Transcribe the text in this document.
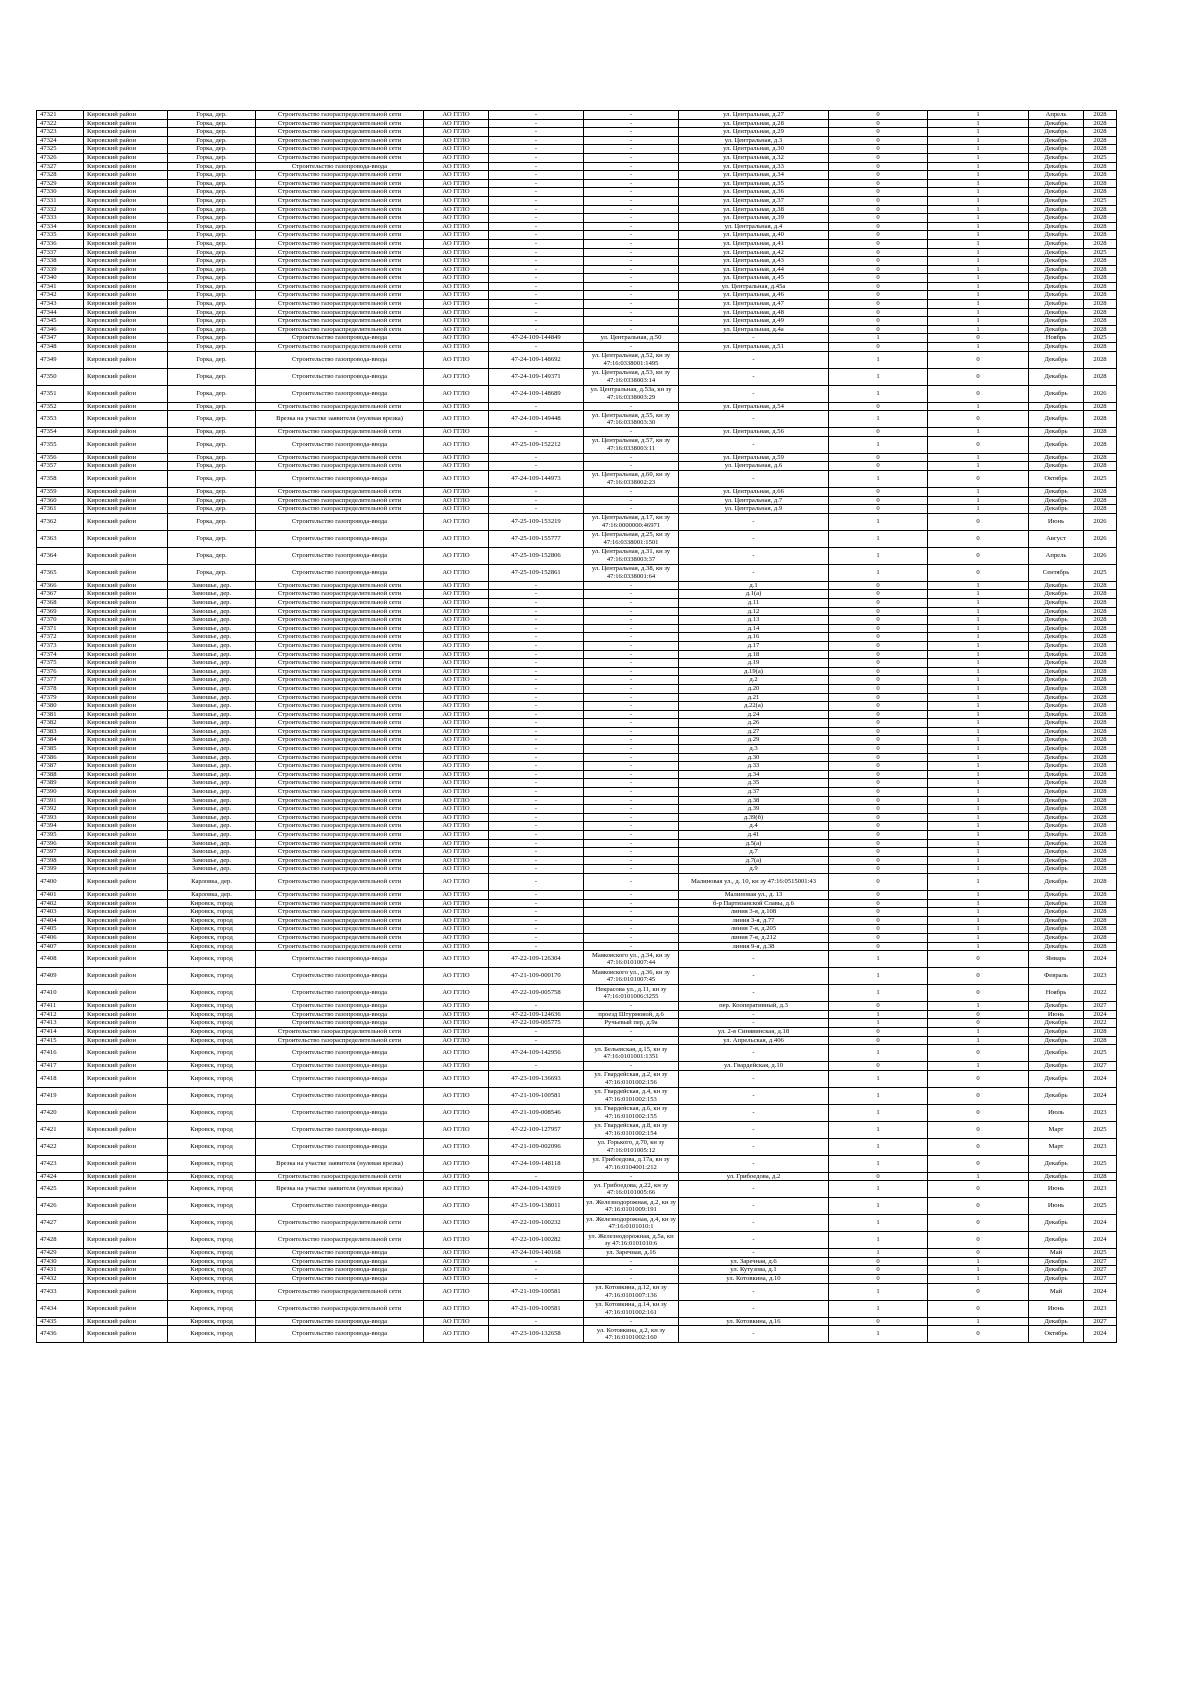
47321	Кировский район	Горка, дер.	Строительство газораспределительной сети	АО ГГЛО	-	-	ул. Центральная, д.27	0	1	Апрель	2028
47322	Кировский район	Горка, дер.	Строительство газораспределительной сети	АО ГГЛО	-	-	ул. Центральная, д.28	0	1	Декабрь	2028
47323	Кировский район	Горка, дер.	Строительство газораспределительной сети	АО ГГЛО	-	-	ул. Центральная, д.29	0	1	Декабрь	2028
47324	Кировский район	Горка, дер.	Строительство газораспределительной сети	АО ГГЛО	-	-	ул. Центральная, д.3	0	1	Декабрь	2028
47325	Кировский район	Горка, дер.	Строительство газораспределительной сети	АО ГГЛО	-	-	ул. Центральная, д.30	0	1	Декабрь	2028
47326	Кировский район	Горка, дер.	Строительство газораспределительной сети	АО ГГЛО	-	-	ул. Центральная, д.32	0	1	Декабрь	2025
47327	Кировский район	Горка, дер.	Строительство газопровода-ввода	АО ГГЛО	-	-	ул. Центральная, д.33	0	1	Декабрь	2028
47328	Кировский район	Горка, дер.	Строительство газораспределительной сети	АО ГГЛО	-	-	ул. Центральная, д.34	0	1	Декабрь	2028
47329	Кировский район	Горка, дер.	Строительство газораспределительной сети	АО ГГЛО	-	-	ул. Центральная, д.35	0	1	Декабрь	2028
47330	Кировский район	Горка, дер.	Строительство газораспределительной сети	АО ГГЛО	-	-	ул. Центральная, д.36	0	1	Декабрь	2028
47331	Кировский район	Горка, дер.	Строительство газораспределительной сети	АО ГГЛО	-	-	ул. Центральная, д.37	0	1	Декабрь	2025
47332	Кировский район	Горка, дер.	Строительство газораспределительной сети	АО ГГЛО	-	-	ул. Центральная, д.38	0	1	Декабрь	2028
47333	Кировский район	Горка, дер.	Строительство газораспределительной сети	АО ГГЛО	-	-	ул. Центральная, д.39	0	1	Декабрь	2028
47334	Кировский район	Горка, дер.	Строительство газораспределительной сети	АО ГГЛО	-	-	ул. Центральная, д.4	0	1	Декабрь	2028
47335	Кировский район	Горка, дер.	Строительство газораспределительной сети	АО ГГЛО	-	-	ул. Центральная, д.40	0	1	Декабрь	2028
47336	Кировский район	Горка, дер.	Строительство газораспределительной сети	АО ГГЛО	-	-	ул. Центральная, д.41	0	1	Декабрь	2028
47337	Кировский район	Горка, дер.	Строительство газораспределительной сети	АО ГГЛО	-	-	ул. Центральная, д.42	0	1	Декабрь	2025
47338	Кировский район	Горка, дер.	Строительство газораспределительной сети	АО ГГЛО	-	-	ул. Центральная, д.43	0	1	Декабрь	2028
47339	Кировский район	Горка, дер.	Строительство газораспределительной сети	АО ГГЛО	-	-	ул. Центральная, д.44	0	1	Декабрь	2028
47340	Кировский район	Горка, дер.	Строительство газораспределительной сети	АО ГГЛО	-	-	ул. Центральная, д.45	0	1	Декабрь	2028
47341	Кировский район	Горка, дер.	Строительство газораспределительной сети	АО ГГЛО	-	-	ул. Центральная, д.45а	0	1	Декабрь	2028
47342	Кировский район	Горка, дер.	Строительство газораспределительной сети	АО ГГЛО	-	-	ул. Центральная, д.46	0	1	Декабрь	2028
47343	Кировский район	Горка, дер.	Строительство газораспределительной сети	АО ГГЛО	-	-	ул. Центральная, д.47	0	1	Декабрь	2028
47344	Кировский район	Горка, дер.	Строительство газораспределительной сети	АО ГГЛО	-	-	ул. Центральная, д.48	0	1	Декабрь	2028
47345	Кировский район	Горка, дер.	Строительство газораспределительной сети	АО ГГЛО	-	-	ул. Центральная, д.49	0	1	Декабрь	2028
47346	Кировский район	Горка, дер.	Строительство газораспределительной сети	АО ГГЛО	-	-	ул. Центральная, д.4а	0	1	Декабрь	2028
47347	Кировский район	Горка, дер.	Строительство газопровода-ввода	АО ГГЛО	47-24-109-144849	ул. Центральная, д.50	-	1	0	Ноябрь	2025
47348	Кировский район	Горка, дер.	Строительство газораспределительной сети	АО ГГЛО	-	-	ул. Центральная, д.51	0	1	Декабрь	2028
47349	Кировский район	Горка, дер.	Строительство газопровода-ввода	АО ГГЛО	47-24-109-148692	ул. Центральная, д.52, кн зу 47:16:0338001:1495	-	1	0	Декабрь	2028
47350	Кировский район	Горка, дер.	Строительство газопровода-ввода	АО ГГЛО	47-24-109-149371	ул. Центральная, д.53, кн зу 47:16:0338003:14	-	1	0	Декабрь	2028
47351	Кировский район	Горка, дер.	Строительство газопровода-ввода	АО ГГЛО	47-24-109-148689	ул. Центральная, д.53а, кн зу 47:16:0338003:29	-	1	0	Декабрь	2026
47352	Кировский район	Горка, дер.	Строительство газораспределительной сети	АО ГГЛО	-	-	ул. Центральная, д.54	0	1	Декабрь	2028
47353	Кировский район	Горка, дер.	Врезка на участке заявителя (нулевая врезка)	АО ГГЛО	47-24-109-149448	ул. Центральная, д.55, кн зу 47:16:0338003:30	-	1	0	Декабрь	2028
47354	Кировский район	Горка, дер.	Строительство газораспределительной сети	АО ГГЛО	-	-	ул. Центральная, д.56	0	1	Декабрь	2028
47355	Кировский район	Горка, дер.	Строительство газопровода-ввода	АО ГГЛО	47-25-109-152212	ул. Центральная, д.57, кн зу 47:16:0338003:11	-	1	0	Декабрь	2028
47356	Кировский район	Горка, дер.	Строительство газораспределительной сети	АО ГГЛО	-	-	ул. Центральная, д.59	0	1	Декабрь	2028
47357	Кировский район	Горка, дер.	Строительство газораспределительной сети	АО ГГЛО	-	-	ул. Центральная, д.6	0	1	Декабрь	2028
47358	Кировский район	Горка, дер.	Строительство газопровода-ввода	АО ГГЛО	47-24-109-144973	ул. Центральная, д.60, кн зу 47:16:0338002:23	-	1	0	Октябрь	2025
47359	Кировский район	Горка, дер.	Строительство газораспределительной сети	АО ГГЛО	-	-	ул. Центральная, д.66	0	1	Декабрь	2028
47360	Кировский район	Горка, дер.	Строительство газораспределительной сети	АО ГГЛО	-	-	ул. Центральная, д.7	0	1	Декабрь	2028
47361	Кировский район	Горка, дер.	Строительство газораспределительной сети	АО ГГЛО	-	-	ул. Центральная, д.9	0	1	Декабрь	2028
47362	Кировский район	Горка, дер.	Строительство газопровода-ввода	АО ГГЛО	47-25-109-153219	ул. Центральная, д.17, кн зу 47:16:0000000:46971	-	1	0	Июнь	2026
47363	Кировский район	Горка, дер.	Строительство газопровода-ввода	АО ГГЛО	47-25-109-155777	ул. Центральная, д.25, кн зу 47:16:0338001:1501	-	1	0	Август	2026
47364	Кировский район	Горка, дер.	Строительство газопровода-ввода	АО ГГЛО	47-25-109-152806	ул. Центральная, д.31, кн зу 47:16:0338003:37	-	1	0	Апрель	2026
47365	Кировский район	Горка, дер.	Строительство газопровода-ввода	АО ГГЛО	47-25-109-152861	ул. Центральная, д.38, кн зу 47:16:0338001:64	-	1	0	Сентябрь	2025
47366	Кировский район	Замошье, дер.	Строительство газораспределительной сети	АО ГГЛО	-	-	д.1	0	1	Декабрь	2028
47367	Кировский район	Замошье, дер.	Строительство газораспределительной сети	АО ГГЛО	-	-	д.1(а)	0	1	Декабрь	2028
47368	Кировский район	Замошье, дер.	Строительство газораспределительной сети	АО ГГЛО	-	-	д.11	0	1	Декабрь	2028
47369	Кировский район	Замошье, дер.	Строительство газораспределительной сети	АО ГГЛО	-	-	д.12	0	1	Декабрь	2028
47370	Кировский район	Замошье, дер.	Строительство газораспределительной сети	АО ГГЛО	-	-	д.13	0	1	Декабрь	2028
47371	Кировский район	Замошье, дер.	Строительство газораспределительной сети	АО ГГЛО	-	-	д.14	0	1	Декабрь	2028
47372	Кировский район	Замошье, дер.	Строительство газораспределительной сети	АО ГГЛО	-	-	д.16	0	1	Декабрь	2028
47373	Кировский район	Замошье, дер.	Строительство газораспределительной сети	АО ГГЛО	-	-	д.17	0	1	Декабрь	2028
47374	Кировский район	Замошье, дер.	Строительство газораспределительной сети	АО ГГЛО	-	-	д.18	0	1	Декабрь	2028
47375	Кировский район	Замошье, дер.	Строительство газораспределительной сети	АО ГГЛО	-	-	д.19	0	1	Декабрь	2028
47376	Кировский район	Замошье, дер.	Строительство газораспределительной сети	АО ГГЛО	-	-	д.19(а)	0	1	Декабрь	2028
47377	Кировский район	Замошье, дер.	Строительство газораспределительной сети	АО ГГЛО	-	-	д.2	0	1	Декабрь	2028
47378	Кировский район	Замошье, дер.	Строительство газораспределительной сети	АО ГГЛО	-	-	д.20	0	1	Декабрь	2028
47379	Кировский район	Замошье, дер.	Строительство газораспределительной сети	АО ГГЛО	-	-	д.21	0	1	Декабрь	2028
47380	Кировский район	Замошье, дер.	Строительство газораспределительной сети	АО ГГЛО	-	-	д.22(а)	0	1	Декабрь	2028
47381	Кировский район	Замошье, дер.	Строительство газораспределительной сети	АО ГГЛО	-	-	д.24	0	1	Декабрь	2028
47382	Кировский район	Замошье, дер.	Строительство газораспределительной сети	АО ГГЛО	-	-	д.26	0	1	Декабрь	2028
47383	Кировский район	Замошье, дер.	Строительство газораспределительной сети	АО ГГЛО	-	-	д.27	0	1	Декабрь	2028
47384	Кировский район	Замошье, дер.	Строительство газораспределительной сети	АО ГГЛО	-	-	д.29	0	1	Декабрь	2028
47385	Кировский район	Замошье, дер.	Строительство газораспределительной сети	АО ГГЛО	-	-	д.3	0	1	Декабрь	2028
47386	Кировский район	Замошье, дер.	Строительство газораспределительной сети	АО ГГЛО	-	-	д.30	0	1	Декабрь	2028
47387	Кировский район	Замошье, дер.	Строительство газораспределительной сети	АО ГГЛО	-	-	д.33	0	1	Декабрь	2028
47388	Кировский район	Замошье, дер.	Строительство газораспределительной сети	АО ГГЛО	-	-	д.34	0	1	Декабрь	2028
47389	Кировский район	Замошье, дер.	Строительство газораспределительной сети	АО ГГЛО	-	-	д.35	0	1	Декабрь	2028
47390	Кировский район	Замошье, дер.	Строительство газораспределительной сети	АО ГГЛО	-	-	д.37	0	1	Декабрь	2028
47391	Кировский район	Замошье, дер.	Строительство газораспределительной сети	АО ГГЛО	-	-	д.38	0	1	Декабрь	2028
47392	Кировский район	Замошье, дер.	Строительство газораспределительной сети	АО ГГЛО	-	-	д.39	0	1	Декабрь	2028
47393	Кировский район	Замошье, дер.	Строительство газораспределительной сети	АО ГГЛО	-	-	д.39(б)	0	1	Декабрь	2028
47394	Кировский район	Замошье, дер.	Строительство газораспределительной сети	АО ГГЛО	-	-	д.4	0	1	Декабрь	2028
47395	Кировский район	Замошье, дер.	Строительство газораспределительной сети	АО ГГЛО	-	-	д.41	0	1	Декабрь	2028
47396	Кировский район	Замошье, дер.	Строительство газораспределительной сети	АО ГГЛО	-	-	д.5(а)	0	1	Декабрь	2028
47397	Кировский район	Замошье, дер.	Строительство газораспределительной сети	АО ГГЛО	-	-	д.7	0	1	Декабрь	2028
47398	Кировский район	Замошье, дер.	Строительство газораспределительной сети	АО ГГЛО	-	-	д.7(а)	0	1	Декабрь	2028
47399	Кировский район	Замошье, дер.	Строительство газораспределительной сети	АО ГГЛО	-	-	д.9	0	1	Декабрь	2028
47400	Кировский район	Карловка, дер.	Строительство газораспределительной сети	АО ГГЛО	-	-	Малиновая ул., д. 10, кн зу 47:16:0515001:43	0	1	Декабрь	2028
47401	Кировский район	Карловка, дер.	Строительство газораспределительной сети	АО ГГЛО	-	-	Малиновая ул., д. 13	0	1	Декабрь	2028
47402	Кировский район	Кировск, город	Строительство газораспределительной сети	АО ГГЛО	-	-	б-р Партизанской Славы, д.6	0	1	Декабрь	2028
47403	Кировский район	Кировск, город	Строительство газораспределительной сети	АО ГГЛО	-	-	линия 3-я, д.108	0	1	Декабрь	2028
47404	Кировский район	Кировск, город	Строительство газораспределительной сети	АО ГГЛО	-	-	линия 3-я, д.77	0	1	Декабрь	2028
47405	Кировский район	Кировск, город	Строительство газораспределительной сети	АО ГГЛО	-	-	линия 7-я, д.205	0	1	Декабрь	2028
47406	Кировский район	Кировск, город	Строительство газораспределительной сети	АО ГГЛО	-	-	линия 7-я, д.212	0	1	Декабрь	2028
47407	Кировский район	Кировск, город	Строительство газораспределительной сети	АО ГГЛО	-	-	линия 9-я, д.38	0	1	Декабрь	2028
47408	Кировский район	Кировск, город	Строительство газопровода-ввода	АО ГГЛО	47-22-109-126304	Маяковского ул., д.34, кн зу 47:16:0101007:44	-	1	0	Январь	2024
47409	Кировский район	Кировск, город	Строительство газопровода-ввода	АО ГГЛО	47-21-109-000170	Маяковского ул., д.36, кн зу 47:16:0101007:45	-	1	0	Февраль	2023
47410	Кировский район	Кировск, город	Строительство газопровода-ввода	АО ГГЛО	47-22-109-005758	Некрасова ул., д.11, кн зу 47:16:0101006:3255	-	1	0	Ноябрь	2022
47411	Кировский район	Кировск, город	Строительство газопровода-ввода	АО ГГЛО	-	-	пер. Кооперативный, д.3	0	1	Декабрь	2027
47412	Кировский район	Кировск, город	Строительство газопровода-ввода	АО ГГЛО	47-22-109-124636	проезд Штурмовой, д.6	-	1	0	Июнь	2024
47413	Кировский район	Кировск, город	Строительство газопровода-ввода	АО ГГЛО	47-22-109-005775	Ручьевый пер, д.9а	-	1	0	Декабрь	2022
47414	Кировский район	Кировск, город	Строительство газораспределительной сети	АО ГГЛО	-	-	ул. 2-я Синявинская, д.18	0	1	Декабрь	2028
47415	Кировский район	Кировск, город	Строительство газораспределительной сети	АО ГГЛО	-	-	ул. Апрельская, д.406	0	1	Декабрь	2028
47416	Кировский район	Кировск, город	Строительство газопровода-ввода	АО ГГЛО	47-24-109-142956	ул. Бельевская, д.15, кн зу 47:16:0101001:1351	-	1	0	Декабрь	2025
47417	Кировский район	Кировск, город	Строительство газопровода-ввода	АО ГГЛО	-	-	ул. Гвардейская, д.10	0	1	Декабрь	2027
47418	Кировский район	Кировск, город	Строительство газопровода-ввода	АО ГГЛО	47-23-109-136693	ул. Гвардейская, д.2, кн зу 47:16:0101002:156	-	1	0	Декабрь	2024
47419	Кировский район	Кировск, город	Строительство газопровода-ввода	АО ГГЛО	47-21-109-100581	ул. Гвардейская, д.4, кн зу 47:16:0101002:153	-	1	0	Декабрь	2024
47420	Кировский район	Кировск, город	Строительство газопровода-ввода	АО ГГЛО	47-21-109-008546	ул. Гвардейская, д.6, кн зу 47:16:0101002:155	-	1	0	Июль	2023
47421	Кировский район	Кировск, город	Строительство газопровода-ввода	АО ГГЛО	47-22-109-127957	ул. Гвардейская, д.8, кн зу 47:16:0101002:154	-	1	0	Март	2025
47422	Кировский район	Кировск, город	Строительство газопровода-ввода	АО ГГЛО	47-21-109-002096	ул. Горького, д.70, кн зу 47:16:0101005:12	-	1	0	Март	2023
47423	Кировский район	Кировск, город	Врезка на участке заявителя (нулевая врезка)	АО ГГЛО	47-24-109-148118	ул. Грибоедова, д.17а, кн зу 47:16:0104001:212	-	1	0	Декабрь	2025
47424	Кировский район	Кировск, город	Строительство газораспределительной сети	АО ГГЛО	-	-	ул. Грибоедова, д.2	0	1	Декабрь	2028
47425	Кировский район	Кировск, город	Врезка на участке заявителя (нулевая врезка)	АО ГГЛО	47-24-109-143919	ул. Грибоедова, д.22, кн зу 47:16:0101005:66	-	1	0	Июнь	2023
47426	Кировский район	Кировск, город	Строительство газопровода-ввода	АО ГГЛО	47-23-109-138011	ул. Железнодорожная, д.2, кн зу 47:16:0101009:191	-	1	0	Июнь	2025
47427	Кировский район	Кировск, город	Строительство газораспределительной сети	АО ГГЛО	47-22-109-100232	ул. Железнодорожная, д.4, кн зу 47:16:0101010:1	-	1	0	Декабрь	2024
47428	Кировский район	Кировск, город	Строительство газораспределительной сети	АО ГГЛО	47-22-109-100282	ул. Железнодорожная, д.5а, кн зу 47:16:0101010:6	-	1	0	Декабрь	2024
47429	Кировский район	Кировск, город	Строительство газопровода-ввода	АО ГГЛО	47-24-109-140168	ул. Заречная, д.16	-	1	0	Май	2025
47430	Кировский район	Кировск, город	Строительство газопровода-ввода	АО ГГЛО	-	-	ул. Заречная, д.6	0	1	Декабрь	2027
47431	Кировский район	Кировск, город	Строительство газопровода-ввода	АО ГГЛО	-	-	ул. Кутузова, д.1	0	1	Декабрь	2027
47432	Кировский район	Кировск, город	Строительство газопровода-ввода	АО ГГЛО	-	-	ул. Котовкина, д.10	0	1	Декабрь	2027
47433	Кировский район	Кировск, город	Строительство газораспределительной сети	АО ГГЛО	47-21-109-100581	ул. Котовкина, д.12, кн зу 47:16:0101007:136	-	1	0	Май	2024
47434	Кировский район	Кировск, город	Строительство газораспределительной сети	АО ГГЛО	47-21-109-100581	ул. Котовкина, д.14, кн зу 47:16:0101002:161	-	1	0	Июнь	2023
47435	Кировский район	Кировск, город	Строительство газопровода-ввода	АО ГГЛО	-	-	ул. Котовкина, д.16	0	1	Декабрь	2027
47436	Кировский район	Кировск, город	Строительство газопровода-ввода	АО ГГЛО	47-23-109-132658	ул. Котовкина, д.2, кн зу 47:16:0101002:160	-	1	0	Октябрь	2024
